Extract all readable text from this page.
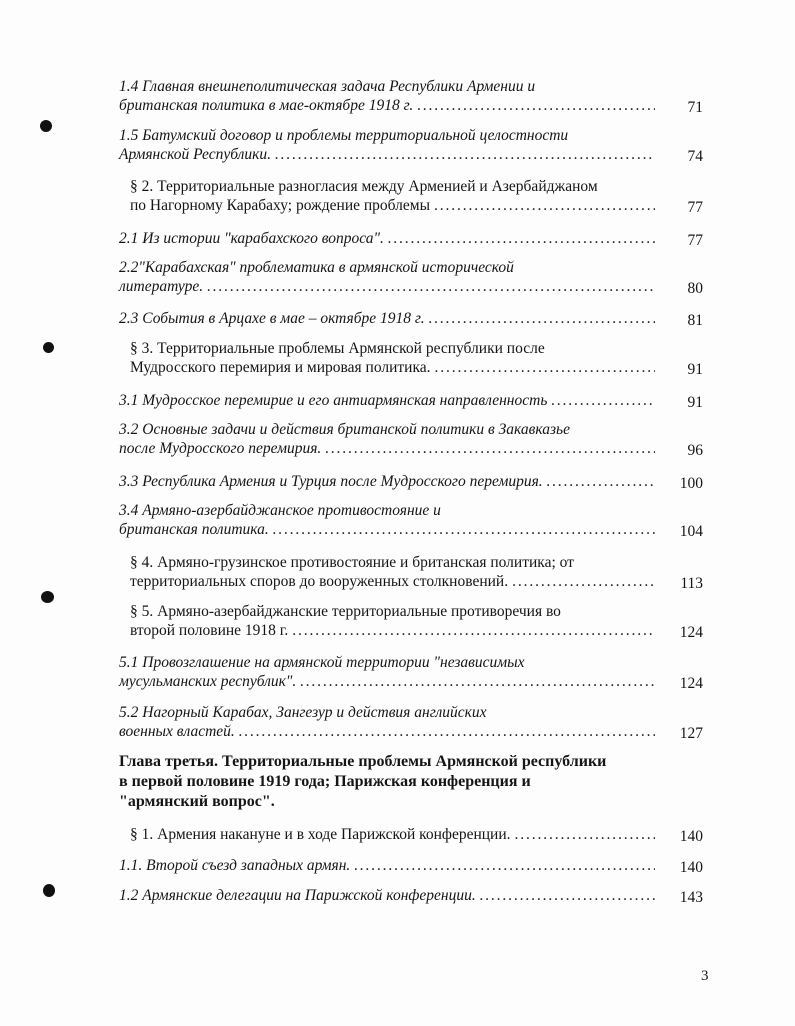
1.4 Главная внешнеполитическая задача Республики Армении и
британская политика в мае-октябре 1918 г. . . .	71
1.5 Батумский договор и проблемы территориальной целостности
Армянской Республики. . . .	74
§ 2. Территориальные разногласия между Арменией и Азербайджаном
по Нагорному Карабаху; рождение проблемы . . .	77
2.1 Из истории "карабахского вопроса". . . .	77
2.2"Карабахская" проблематика в армянской исторической
литературе. . . .	80
2.3 События в Арцахе в мае – октябре 1918 г. . . .	81
§ 3. Территориальные проблемы Армянской республики после
Мудросского перемирия и мировая политика. . . .	91
3.1 Мудросское перемирие и его антиармянская направленность . . .	91
3.2 Основные задачи и действия британской политики в Закавказье
после Мудросского перемирия. . . .	96
3.3 Республика Армения и Турция после Мудросского перемирия. . . .	100
3.4 Армяно-азербайджанское противостояние и
британская политика. . . .	104
§ 4. Армяно-грузинское противостояние и британская политика; от
территориальных споров до вооруженных столкновений. . . .	113
§ 5. Армяно-азербайджанские территориальные противоречия во
второй половине 1918 г. . . .	124
5.1 Провозглашение на армянской территории "независимых
мусульманских республик". . . .	124
5.2 Нагорный Карабах, Зангезур и действия английских
военных властей. . . .	127
Глава третья. Территориальные проблемы Армянской республики
в первой половине 1919 года; Парижская конференция и
"армянский вопрос".
§ 1. Армения накануне и в ходе Парижской конференции. . . .	140
1.1. Второй съезд западных армян. . . .	140
1.2 Армянские делегации на Парижской конференции. . . .	143
3
